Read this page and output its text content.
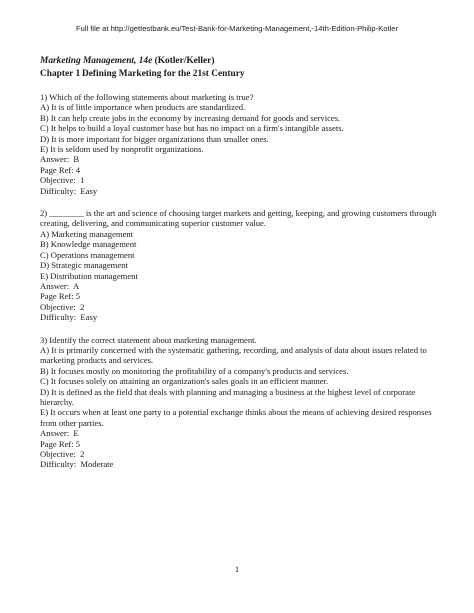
Full file at http://gettestbank.eu/Test-Bank-for-Marketing-Management,-14th-Edition-Philip-Kotler
Marketing Management, 14e (Kotler/Keller)
Chapter 1 Defining Marketing for the 21st Century
1) Which of the following statements about marketing is true?
A) It is of little importance when products are standardized.
B) It can help create jobs in the economy by increasing demand for goods and services.
C) It helps to build a loyal customer base but has no impact on a firm's intangible assets.
D) It is more important for bigger organizations than smaller ones.
E) It is seldom used by nonprofit organizations.
Answer:  B
Page Ref: 4
Objective:  1
Difficulty:  Easy
2) ________ is the art and science of choosing target markets and getting, keeping, and growing customers through creating, delivering, and communicating superior customer value.
A) Marketing management
B) Knowledge management
C) Operations management
D) Strategic management
E) Distribution management
Answer:  A
Page Ref: 5
Objective:  2
Difficulty:  Easy
3) Identify the correct statement about marketing management.
A) It is primarily concerned with the systematic gathering, recording, and analysis of data about issues related to marketing products and services.
B) It focuses mostly on monitoring the profitability of a company's products and services.
C) It focuses solely on attaining an organization's sales goals in an efficient manner.
D) It is defined as the field that deals with planning and managing a business at the highest level of corporate hierarchy.
E) It occurs when at least one party to a potential exchange thinks about the means of achieving desired responses from other parties.
Answer:  E
Page Ref: 5
Objective:  2
Difficulty:  Moderate
1
